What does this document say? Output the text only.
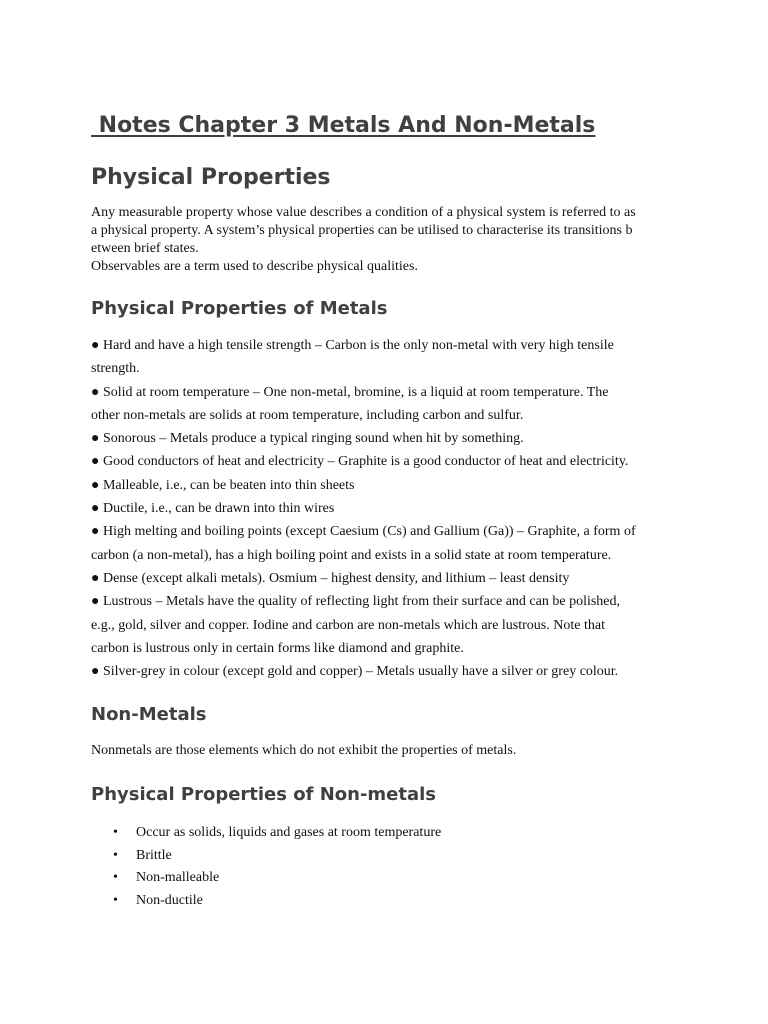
Notes Chapter 3 Metals And Non-Metals
Physical Properties

Any measurable property whose value describes a condition of a physical system is referred to as
a physical property. A system’s physical properties can be utilised to characterise its transitions b
etween brief states.
Observables are a term used to describe physical qualities.

Physical Properties of Metals
● Hard and have a high tensile strength – Carbon is the only non-metal with very high tensile
strength.
● Solid at room temperature – One non-metal, bromine, is a liquid at room temperature. The
other non-metals are solids at room temperature, including carbon and sulfur.
● Sonorous – Metals produce a typical ringing sound when hit by something.
● Good conductors of heat and electricity – Graphite is a good conductor of heat and electricity.
● Malleable, i.e., can be beaten into thin sheets
● Ductile, i.e., can be drawn into thin wires
● High melting and boiling points (except Caesium (Cs) and Gallium (Ga)) – Graphite, a form of
carbon (a non-metal), has a high boiling point and exists in a solid state at room temperature.
● Dense (except alkali metals). Osmium – highest density, and lithium – least density
● Lustrous – Metals have the quality of reflecting light from their surface and can be polished,
e.g., gold, silver and copper. Iodine and carbon are non-metals which are lustrous. Note that
carbon is lustrous only in certain forms like diamond and graphite.
● Silver-grey in colour (except gold and copper) – Metals usually have a silver or grey colour.
Non-Metals

Nonmetals are those elements which do not exhibit the properties of metals.

Physical Properties of Non-metals
• Occur as solids, liquids and gases at room temperature
• Brittle
• Non-malleable
• Non-ductile
